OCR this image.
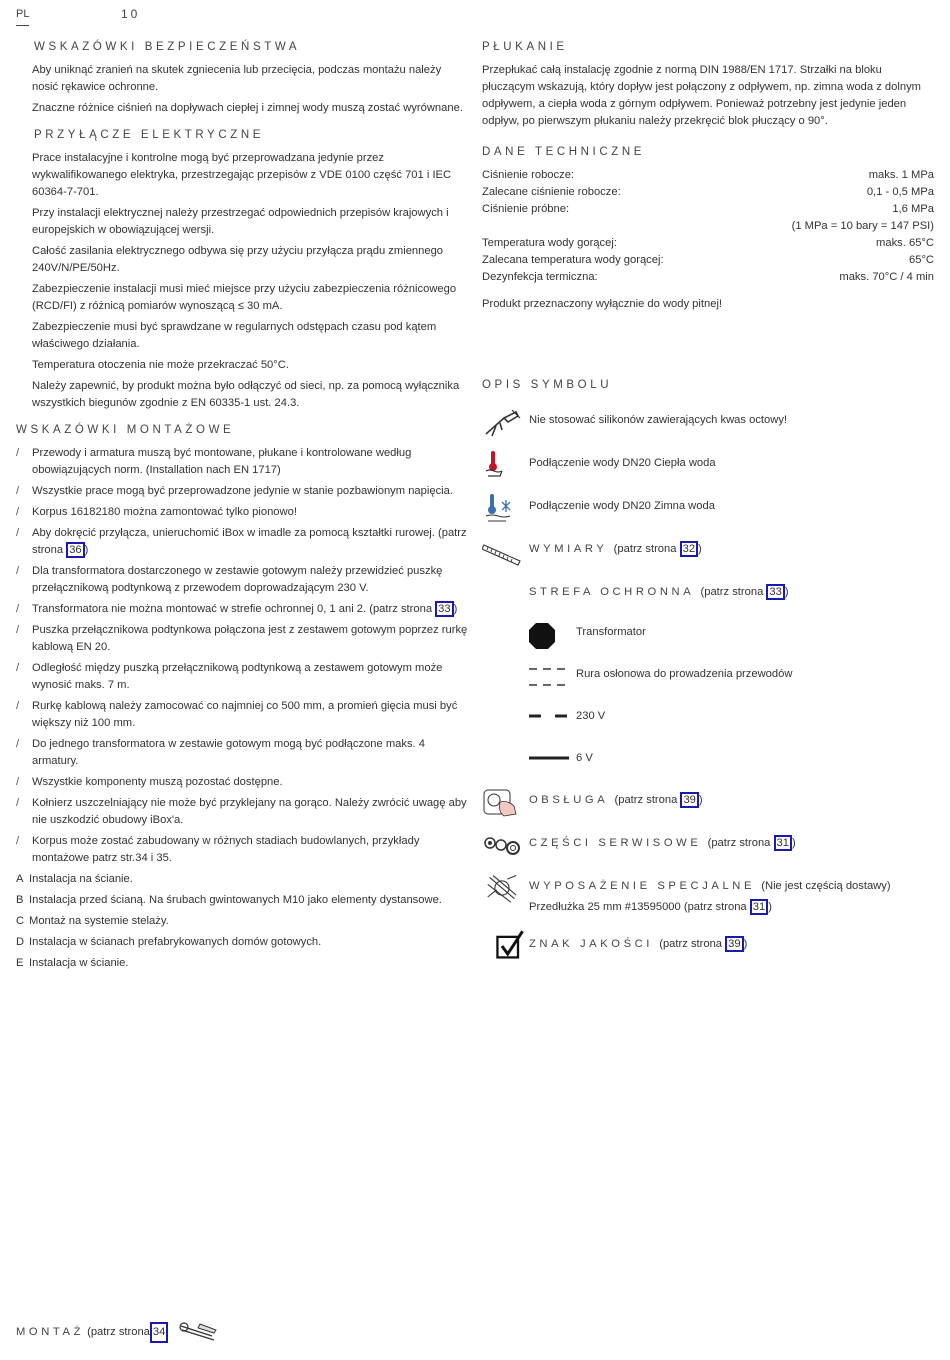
PL	10
WSKAZÓWKI BEZPIECZEŃSTWA
Aby uniknąć zranień na skutek zgniecenia lub przecięcia, podczas montażu należy nosić rękawice ochronne.
Znaczne różnice ciśnień na dopływach ciepłej i zimnej wody muszą zostać wyrównane.
PRZYŁĄCZE ELEKTRYCZNE
Prace instalacyjne i kontrolne mogą być przeprowadzana jedynie przez wykwalifikowanego elektryka, przestrzegając przepisów z VDE 0100 część 701 i IEC 60364-7-701.
Przy instalacji elektrycznej należy przestrzegać odpowiednich przepisów krajowych i europejskich w obowiązującej wersji.
Całość zasilania elektrycznego odbywa się przy użyciu przyłącza prądu zmiennego 240V/N/PE/50Hz.
Zabezpieczenie instalacji musi mieć miejsce przy użyciu zabezpieczenia różnicowego (RCD/FI) z różnicą pomiarów wynoszącą ≤ 30 mA.
Zabezpieczenie musi być sprawdzane w regularnych odstępach czasu pod kątem właściwego działania.
Temperatura otoczenia nie może przekraczać 50°C.
Należy zapewnić, by produkt można było odłączyć od sieci, np. za pomocą wyłącznika wszystkich biegunów zgodnie z EN 60335-1 ust. 24.3.
WSKAZÓWKI MONTAŻOWE
/ Przewody i armatura muszą być montowane, płukane i kontrolowane według obowiązujących norm. (Installation nach EN 1717)
/ Wszystkie prace mogą być przeprowadzone jedynie w stanie pozbawionym napięcia.
/ Korpus 16182180 można zamontować tylko pionowo!
/ Aby dokręcić przyłącza, unieruchomić iBox w imadle za pomocą kształtki rurowej. (patrz strona 36 )
/ Dla transformatora dostarczonego w zestawie gotowym należy przewidzieć puszkę przełącznikową podtynkową z przewodem doprowadzającym 230 V.
/ Transformatora nie można montować w strefie ochronnej 0, 1 ani 2. (patrz strona 33 )
/ Puszka przełącznikowa podtynkowa połączona jest z zestawem gotowym poprzez rurkę kablową EN 20.
/ Odległość między puszką przełącznikową podtynkową a zestawem gotowym może wynosić maks. 7 m.
/ Rurkę kablową należy zamocować co najmniej co 500 mm, a promień gięcia musi być większy niż 100 mm.
/ Do jednego transformatora w zestawie gotowym mogą być podłączone maks. 4 armatury.
/ Wszystkie komponenty muszą pozostać dostępne.
/ Kołnierz uszczelniający nie może być przyklejany na gorąco. Należy zwrócić uwagę aby nie uszkodzić obudowy iBox'a.
/ Korpus może zostać zabudowany w różnych stadiach budowlanych, przykłady montażowe patrz str.34 i 35.
A Instalacja na ścianie.
B Instalacja przed ścianą. Na śrubach gwintowanych M10 jako elementy dystansowe.
C Montaż na systemie stelaży.
D Instalacja w ścianach prefabrykowanych domów gotowych.
E Instalacja w ścianie.
PŁUKANIE
Przepłukać całą instalację zgodnie z normą DIN 1988/EN 1717. Strzałki na bloku płuczącym wskazują, który dopływ jest połączony z odpływem, np. zimna woda z dolnym odpływem, a ciepła woda z górnym odpływem. Ponieważ potrzebny jest jedynie jeden odpływ, po pierwszym płukaniu należy przekręcić blok płuczący o 90°.
DANE TECHNICZNE
Ciśnienie robocze:	maks. 1 MPa
Zalecane ciśnienie robocze:	0,1 - 0,5 MPa
Ciśnienie próbne:	1,6 MPa
(1 MPa = 10 bary = 147 PSI)
Temperatura wody gorącej:	maks. 65°C
Zalecana temperatura wody gorącej:	65°C
Dezynfekcja termiczna:	maks. 70°C / 4 min
Produkt przeznaczony wyłącznie do wody pitnej!
OPIS SYMBOLU
Nie stosować silikonów zawierających kwas octowy!
Podłączenie wody DN20 Ciepła woda
Podłączenie wody DN20 Zimna woda
WYMIARY (patrz strona 32 )
STREFA OCHRONNA (patrz strona 33 )
Transformator
Rura osłonowa do prowadzenia przewodów
230 V
6 V
OBSŁUGA (patrz strona 39 )
CZĘŚCI SERWISOWE (patrz strona 31 )
WYPOSAŻENIE SPECJALNE (Nie jest częścią dostawy)
Przedłużka 25 mm #13595000 (patrz strona 31 )
ZNAK JAKOŚCI (patrz strona 39 )
MONTAŻ
(patrz strona 34
